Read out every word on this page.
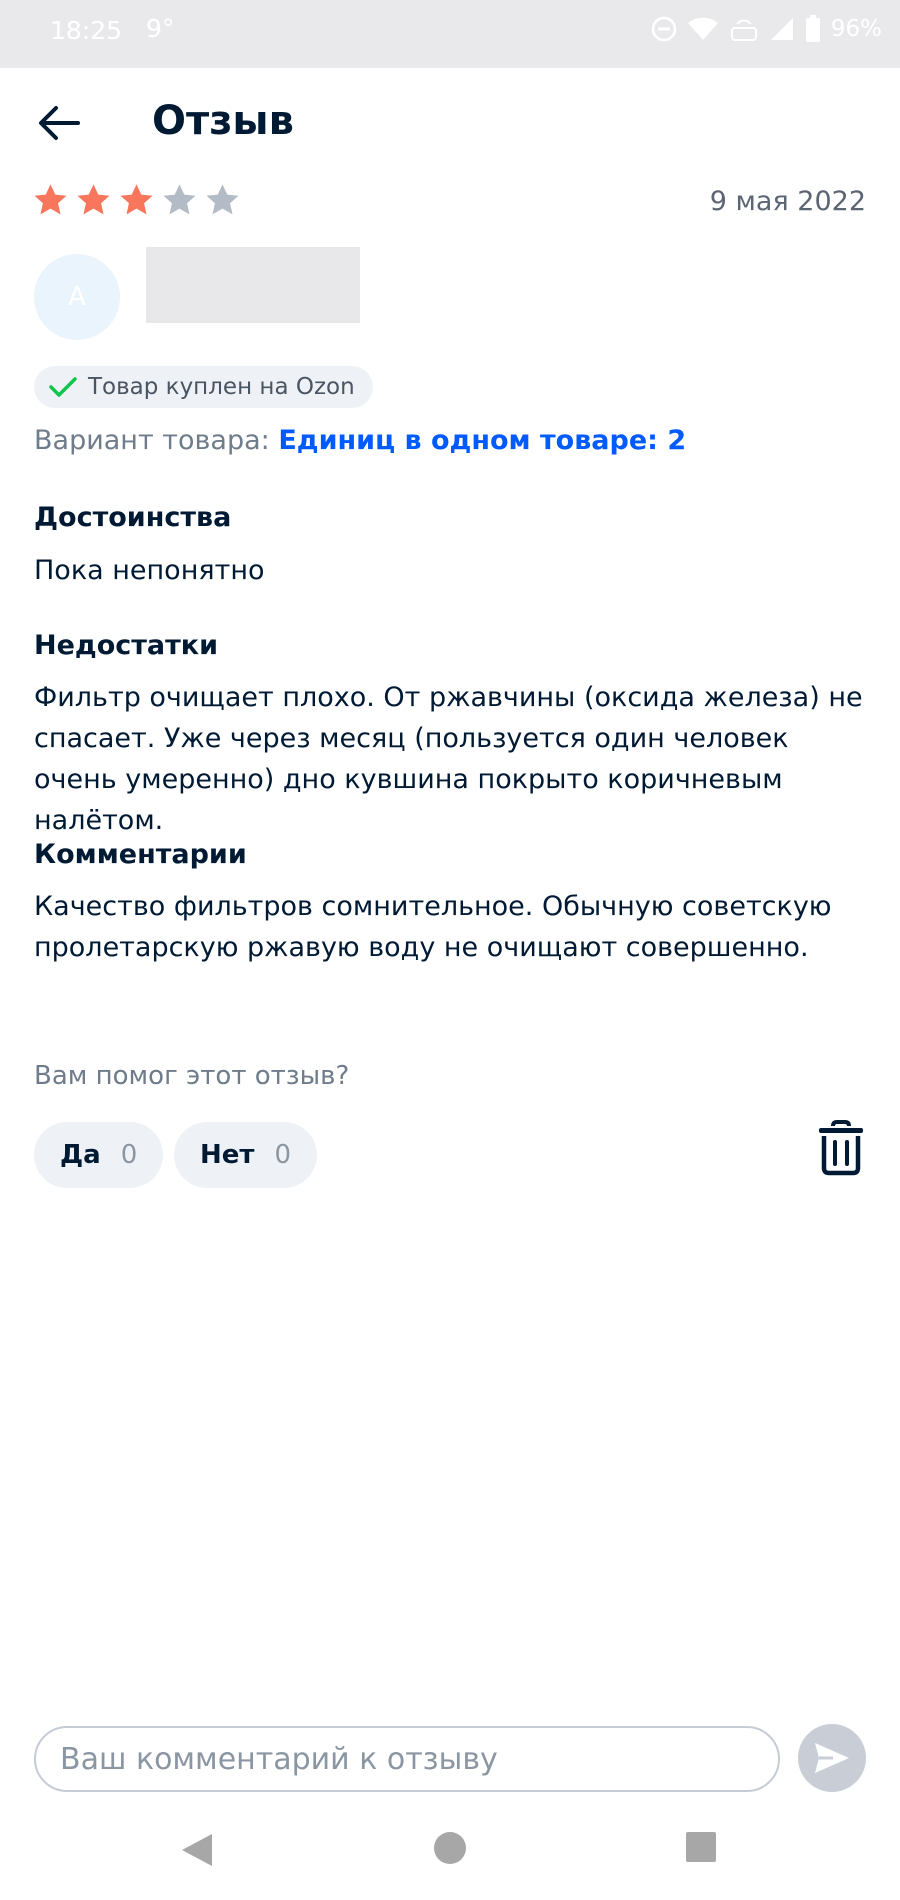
18:25 9°	96%
Отзыв
9 мая 2022
А
Товар куплен на Ozon
Вариант товара: Единиц в одном товаре: 2
Достоинства
Пока непонятно
Недостатки
Фильтр очищает плохо. От ржавчины (оксида железа) не спасает. Уже через месяц (пользуется один человек очень умеренно) дно кувшина покрыто коричневым налётом.
Комментарии
Качество фильтров сомнительное. Обычную советскую пролетарскую ржавую воду не очищают совершенно.
Вам помог этот отзыв?
Да 0 Нет 0
Ваш комментарий к отзыву
